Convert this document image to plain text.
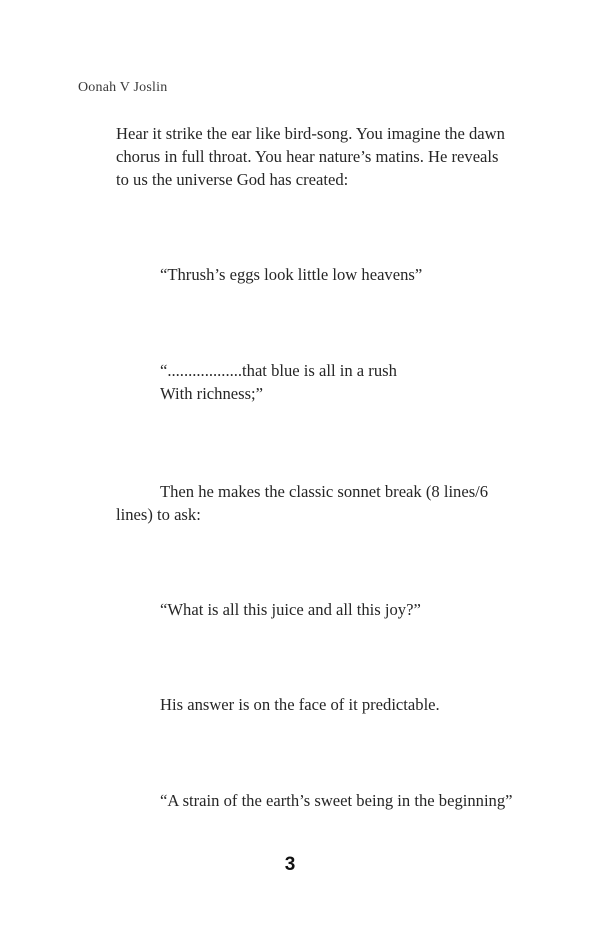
Oonah V Joslin
Hear it strike the ear like bird-song. You imagine the dawn
chorus in full throat. You hear nature’s matins. He reveals
to us the universe God has created:
“Thrush’s eggs look little low heavens”
“..................that blue is all in a rush
With richness;”
Then he makes the classic sonnet break (8 lines/6
lines) to ask:
“What is all this juice and all this joy?”
His answer is on the face of it predictable.
“A strain of the earth’s sweet being in the beginning”
3
